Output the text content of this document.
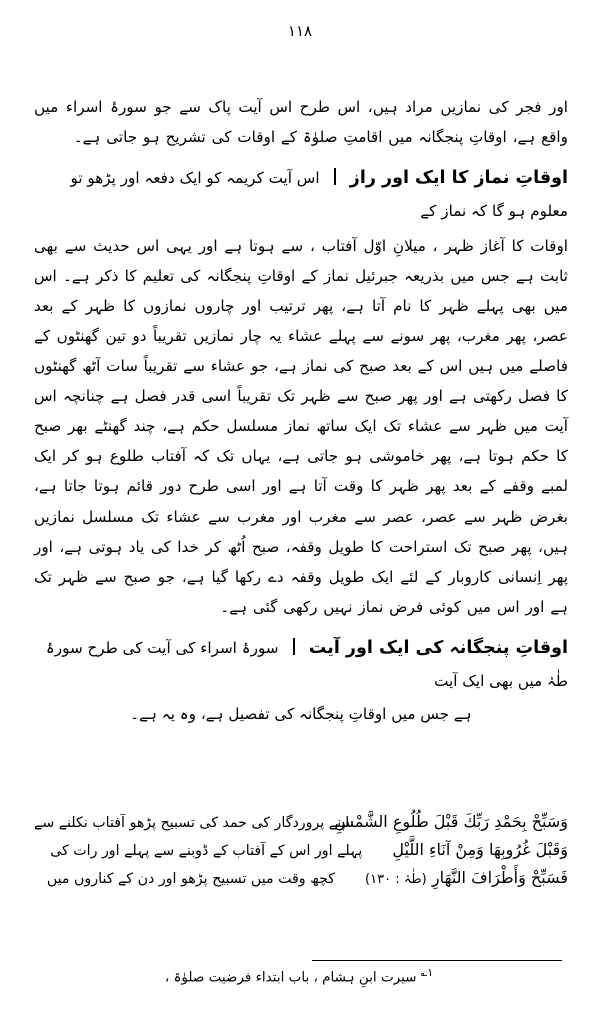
۱۱۸

اور فجر کی نمازیں مراد ہیں، اس طرح اس آیت پاک سے جو سورۂ اسراء میں واقع ہے، اوقاتِ پنجگانہ میں اقامتِ صلوٰۃ کے اوقات کی تشریح ہو جاتی ہے۔

اوقاتِ نماز کا ایک اور راز  اس آیت کریمہ کو ایک دفعہ اور پڑھو تو معلوم ہو گا کہ نماز کے

اوقات کا آغاز ظہر ، میلانِ اوّل آفتاب ، سے ہوتا ہے اور یہی اس حدیث سے بھی ثابت ہے جس میں بذریعہ جبرئیل نماز کے اوقاتِ پنجگانہ کی تعلیم کا ذکر ہے۔ اس میں بھی پہلے ظہر کا نام آتا ہے، پھر ترتیب اور چاروں نمازوں کا ظہر کے بعد عصر، پھر مغرب، پھر سونے سے پہلے عشاء یہ چار نمازیں تقریباً دو تین گھنٹوں کے فاصلے میں ہیں اس کے بعد صبح کی نماز ہے، جو عشاء سے تقریباً سات آٹھ گھنٹوں کا فصل رکھتی ہے اور پھر صبح سے ظہر تک تقریباً اسی قدر فصل ہے چنانچہ اس آیت میں ظہر سے عشاء تک ایک ساتھ نماز مسلسل حکم ہے، چند گھنٹے بھر صبح کا حکم ہوتا ہے، پھر خاموشی ہو جاتی ہے، یہاں تک کہ آفتاب طلوع ہو کر ایک لمبے وقفے کے بعد پھر ظہر کا وقت آتا ہے اور اسی طرح دور قائم ہوتا جاتا ہے، بغرض ظہر سے عصر، عصر سے مغرب اور مغرب سے عشاء تک مسلسل نمازیں ہیں، پھر صبح تک استراحت کا طویل وقفہ، صبح اُٹھ کر خدا کی یاد ہوتی ہے، اور پھر اِنسانی کاروبار کے لئے ایک طویل وقفہ دے رکھا گیا ہے، جو صبح سے ظہر تک ہے اور اس میں کوئی فرض نماز نہیں رکھی گئی ہے۔

اوقاتِ پنجگانہ کی ایک اور آیت  سورۂ اسراء کی آیت کی طرح سورۂ طٰہٰ میں بھی ایک آیت

ہے جس میں اوقاتِ پنجگانہ کی تفصیل ہے، وہ یہ ہے۔

وَسَبِّحْ بِحَمْدِ رَبِّكَ قَبْلَ طُلُوعِ الشَّمْسِ
اپنے پروردگار کی حمد کی تسبیح پڑھو آفتاب نکلنے سے
وَقَبْلَ غُرُوبِهَا وَمِنْ آنَاءِ اللَّيْلِ
پہلے اور اس کے آفتاب کے ڈوبنے سے پہلے اور رات کی
فَسَبِّحْ وَأَطْرَافَ النَّهَارِ (طٰہٰ : ۱۳۰)
کچھ وقت میں تسبیح پڑھو اور دن کے کناروں میں
$^{۱؎}$ سیرت ابنِ ہشام ، باب ابتداء فرضیت صلوٰۃ ،
